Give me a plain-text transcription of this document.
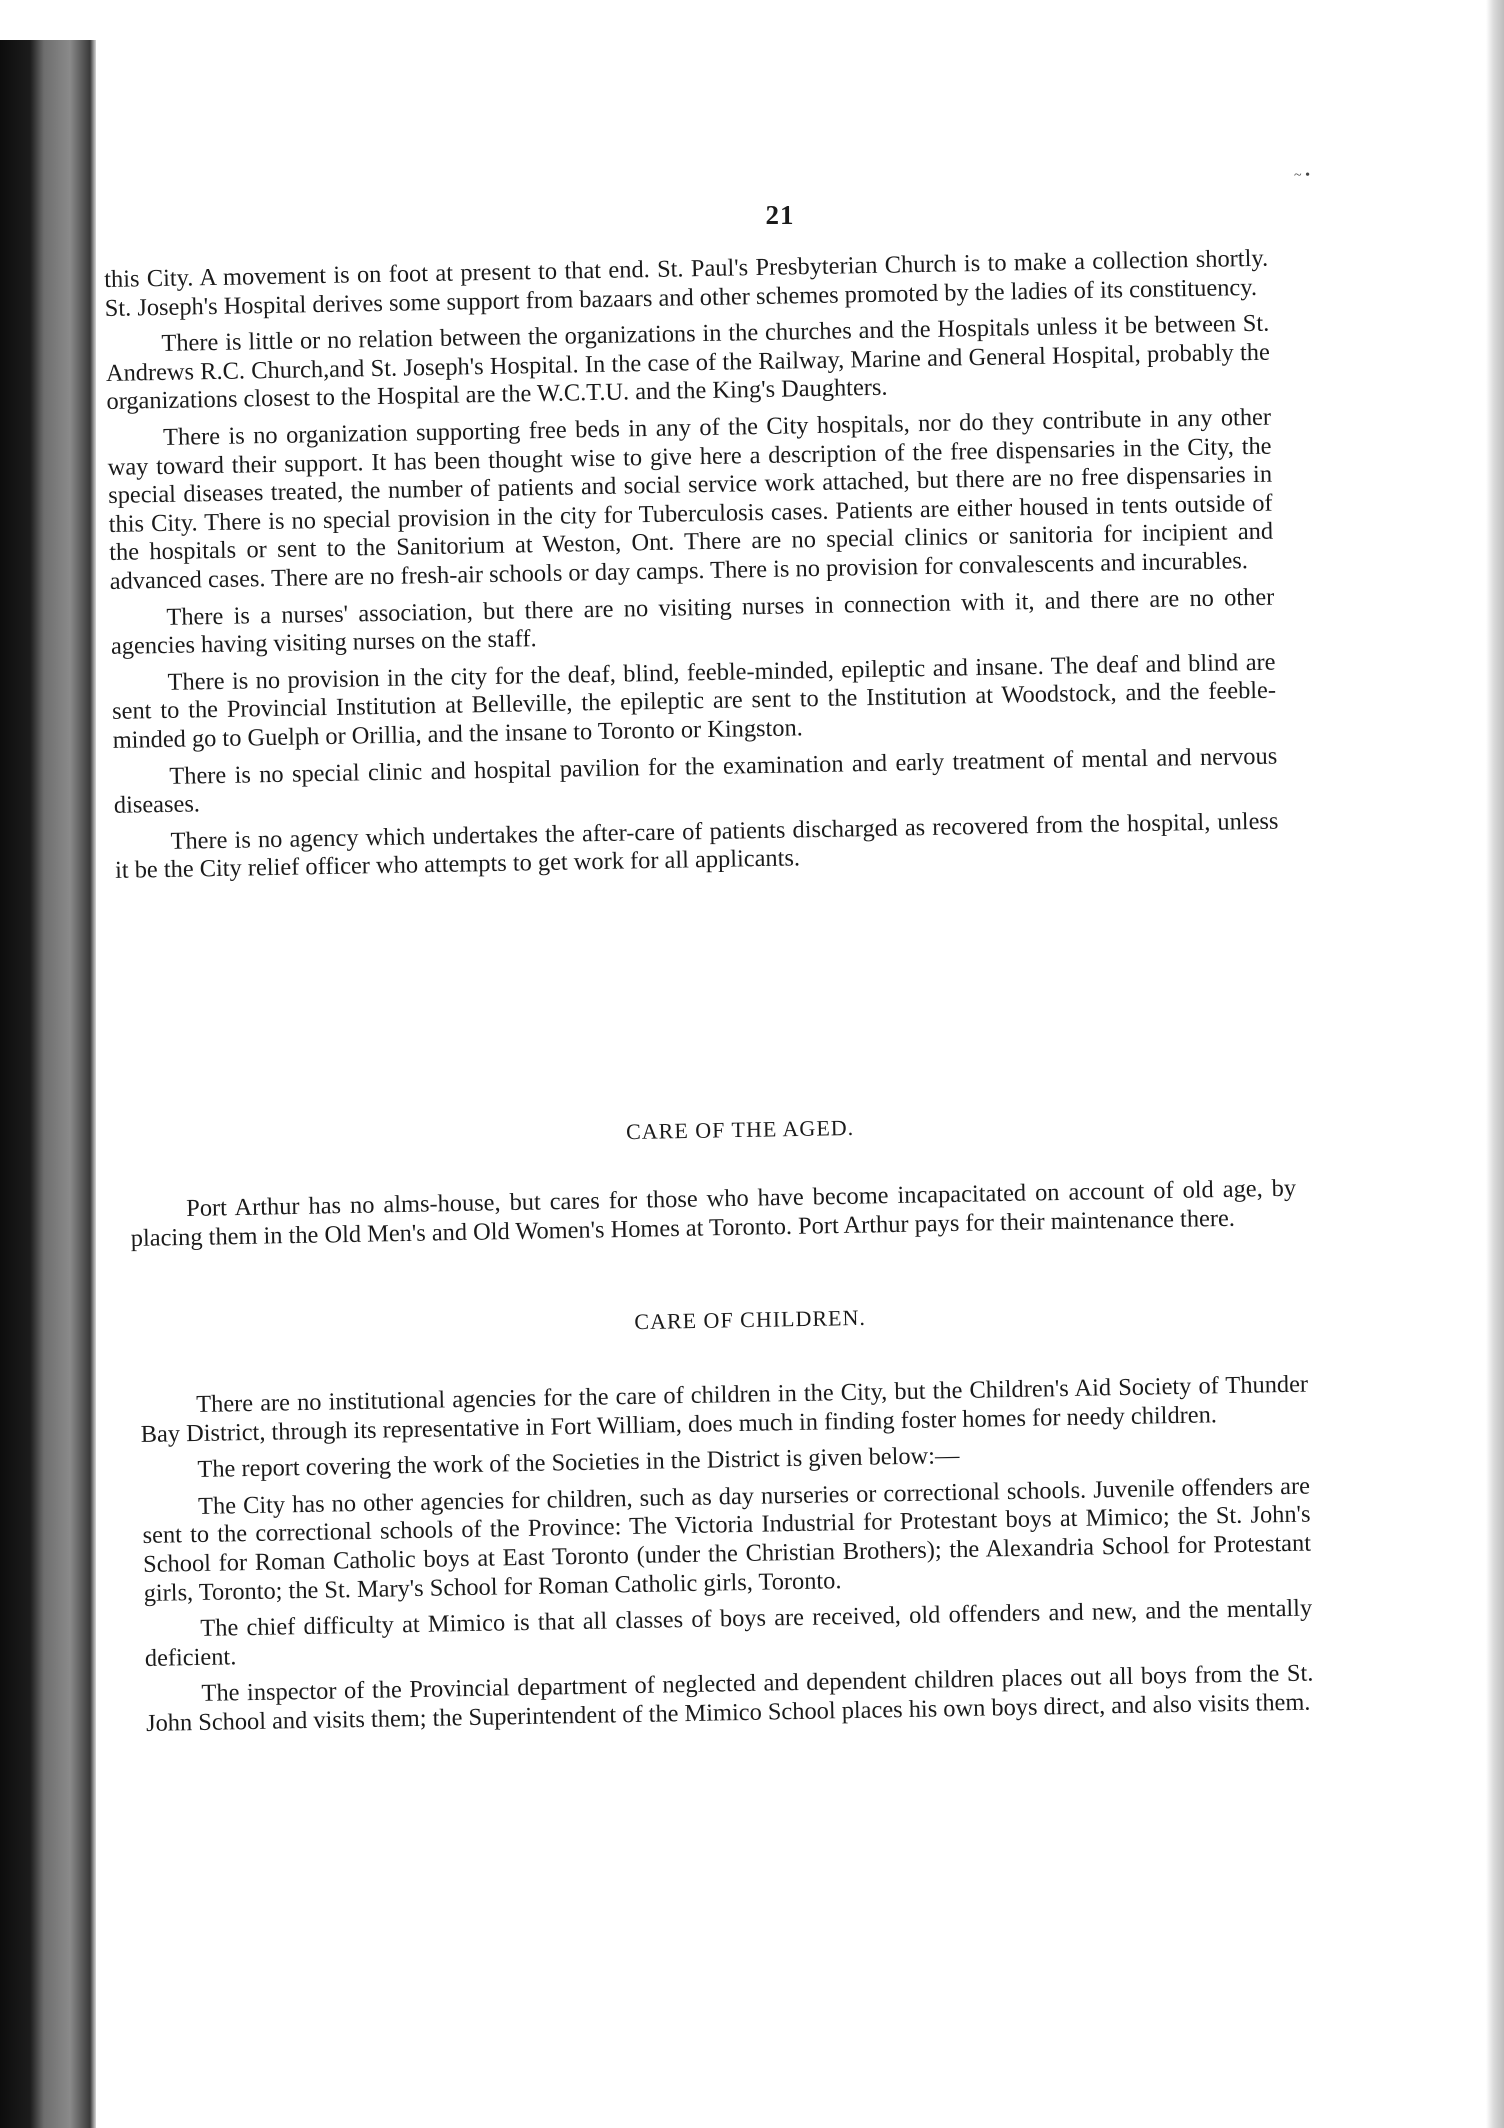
~ •
21

this City. A movement is on foot at present to that end. St. Paul's Presbyterian Church is to make a collection shortly. St. Joseph's Hospital derives some support from bazaars and other schemes promoted by the ladies of its constituency.

There is little or no relation between the organizations in the churches and the Hospitals unless it be between St. Andrews R.C. Church,and St. Joseph's Hospital. In the case of the Railway, Marine and General Hospital, probably the organizations closest to the Hospital are the W.C.T.U. and the King's Daughters.

There is no organization supporting free beds in any of the City hospitals, nor do they contribute in any other way toward their support. It has been thought wise to give here a description of the free dispensaries in the City, the special diseases treated, the number of patients and social service work attached, but there are no free dispensaries in this City. There is no special provision in the city for Tuberculosis cases. Patients are either housed in tents outside of the hospitals or sent to the Sanitorium at Weston, Ont. There are no special clinics or sanitoria for incipient and advanced cases. There are no fresh-air schools or day camps. There is no provision for convalescents and incurables.

There is a nurses' association, but there are no visiting nurses in connection with it, and there are no other agencies having visiting nurses on the staff.

There is no provision in the city for the deaf, blind, feeble-minded, epileptic and insane. The deaf and blind are sent to the Provincial Institution at Belleville, the epileptic are sent to the Institution at Woodstock, and the feeble-minded go to Guelph or Orillia, and the insane to Toronto or Kingston.

There is no special clinic and hospital pavilion for the examination and early treatment of mental and nervous diseases.

There is no agency which undertakes the after-care of patients discharged as recovered from the hospital, unless it be the City relief officer who attempts to get work for all applicants.

CARE OF THE AGED.

Port Arthur has no alms-house, but cares for those who have become incapacitated on account of old age, by placing them in the Old Men's and Old Women's Homes at Toronto. Port Arthur pays for their maintenance there.

CARE OF CHILDREN.

There are no institutional agencies for the care of children in the City, but the Children's Aid Society of Thunder Bay District, through its representative in Fort William, does much in finding foster homes for needy children.

The report covering the work of the Societies in the District is given below:—

The City has no other agencies for children, such as day nurseries or correctional schools. Juvenile offenders are sent to the correctional schools of the Province: The Victoria Industrial for Protestant boys at Mimico; the St. John's School for Roman Catholic boys at East Toronto (under the Christian Brothers); the Alexandria School for Protestant girls, Toronto; the St. Mary's School for Roman Catholic girls, Toronto.

The chief difficulty at Mimico is that all classes of boys are received, old offenders and new, and the mentally deficient.

The inspector of the Provincial department of neglected and dependent children places out all boys from the St. John School and visits them; the Superintendent of the Mimico School places his own boys direct, and also visits them.
